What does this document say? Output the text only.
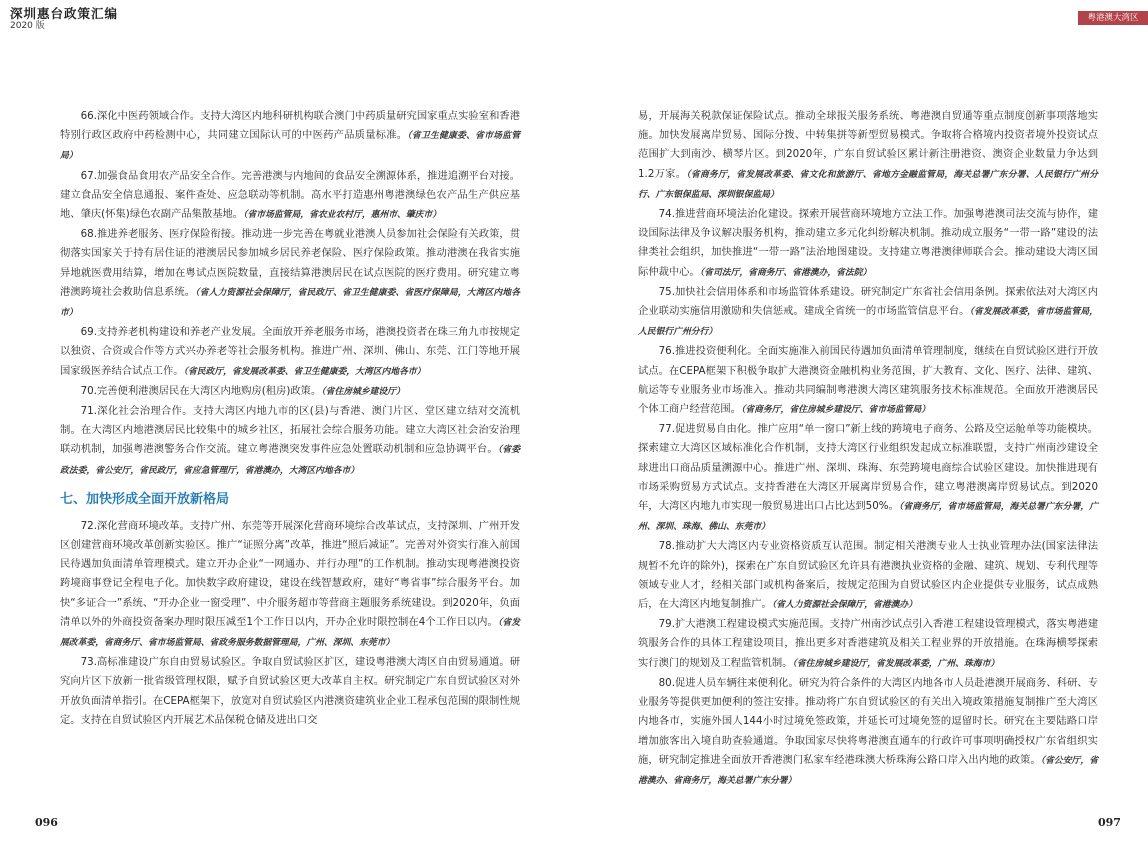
深圳惠台政策汇编
2020 版
粤港澳大湾区

66.深化中医药领域合作。支持大湾区内地科研机构联合澳门中药质量研究国家重点实验室和香港特别行政区政府中药检测中心，共同建立国际认可的中医药产品质量标准。（省卫生健康委、省市场监管局）

67.加强食品食用农产品安全合作。完善港澳与内地间的食品安全溯源体系，推进追溯平台对接。建立食品安全信息通报、案件查处、应急联动等机制。高水平打造惠州粤港澳绿色农产品生产供应基地、肇庆(怀集)绿色农副产品集散基地。（省市场监管局，省农业农村厅，惠州市、肇庆市）

68.推进养老服务、医疗保险衔接。推动进一步完善在粤就业港澳人员参加社会保险有关政策，贯彻落实国家关于持有居住证的港澳居民参加城乡居民养老保险、医疗保险政策。推动港澳在我省实施异地就医费用结算，增加在粤试点医院数量，直接结算港澳居民在试点医院的医疗费用。研究建立粤港澳跨境社会救助信息系统。（省人力资源社会保障厅，省民政厅、省卫生健康委、省医疗保障局，大湾区内地各市）

69.支持养老机构建设和养老产业发展。全面放开养老服务市场，港澳投资者在珠三角九市按规定以独资、合资或合作等方式兴办养老等社会服务机构。推进广州、深圳、佛山、东莞、江门等地开展国家级医养结合试点工作。（省民政厅，省发展改革委、省卫生健康委，大湾区内地各市）

70.完善便利港澳居民在大湾区内地购房(租房)政策。（省住房城乡建设厅）

71.深化社会治理合作。支持大湾区内地九市的区(县)与香港、澳门片区、堂区建立结对交流机制。在大湾区内地港澳居民比较集中的城乡社区，拓展社会综合服务功能。建立大湾区社会治安治理联动机制，加强粤港澳警务合作交流。建立粤港澳突发事件应急处置联动机制和应急协调平台。（省委政法委，省公安厅，省民政厅，省应急管理厅，省港澳办，大湾区内地各市）

七、加快形成全面开放新格局

72.深化营商环境改革。支持广州、东莞等开展深化营商环境综合改革试点，支持深圳、广州开发区创建营商环境改革创新实验区。推广“证照分离”改革，推进“照后减证”。完善对外资实行准入前国民待遇加负面清单管理模式。建立开办企业“一网通办、并行办理”的工作机制。推动实现粤港澳投资跨境商事登记全程电子化。加快数字政府建设，建设在线智慧政府，建好“粤省事”综合服务平台。加快“多证合一”系统、“开办企业一窗受理”、中介服务超市等营商主题服务系统建设。到2020年，负面清单以外的外商投资备案办理时限压减至1个工作日以内，开办企业时限控制在4个工作日以内。（省发展改革委，省商务厅、省市场监管局、省政务服务数据管理局，广州、深圳、东莞市）

73.高标准建设广东自由贸易试验区。争取自贸试验区扩区，建设粤港澳大湾区自由贸易通道。研究向片区下放新一批省级管理权限，赋予自贸试验区更大改革自主权。研究制定广东自贸试验区对外开放负面清单指引。在CEPA框架下，放宽对自贸试验区内港澳资建筑业企业工程承包范围的限制性规定。支持在自贸试验区内开展艺术品保税仓储及进出口交

易，开展海关税款保证保险试点。推动全球报关服务系统、粤港澳自贸通等重点制度创新事项落地实施。加快发展离岸贸易、国际分拨、中转集拼等新型贸易模式。争取将合格境内投资者境外投资试点范围扩大到南沙、横琴片区。到2020年，广东自贸试验区累计新注册港资、澳资企业数量力争达到1.2万家。（省商务厅，省发展改革委、省文化和旅游厅、省地方金融监管局，海关总署广东分署、人民银行广州分行、广东银保监局、深圳银保监局）

74.推进营商环境法治化建设。探索开展营商环境地方立法工作。加强粤港澳司法交流与协作，建设国际法律及争议解决服务机构，推动建立多元化纠纷解决机制。推动成立服务“一带一路”建设的法律类社会组织，加快推进“一带一路”法治地图建设。支持建立粤港澳律师联合会。推动建设大湾区国际仲裁中心。（省司法厅，省商务厅、省港澳办，省法院）

75.加快社会信用体系和市场监管体系建设。研究制定广东省社会信用条例。探索依法对大湾区内企业联动实施信用激励和失信惩戒。建成全省统一的市场监管信息平台。（省发展改革委，省市场监管局，人民银行广州分行）

76.推进投资便利化。全面实施准入前国民待遇加负面清单管理制度，继续在自贸试验区进行开放试点。在CEPA框架下积极争取扩大港澳资金融机构业务范围，扩大教育、文化、医疗、法律、建筑、航运等专业服务业市场准入。推动共同编制粤港澳大湾区建筑服务技术标准规范。全面放开港澳居民个体工商户经营范围。（省商务厅，省住房城乡建设厅、省市场监管局）

77.促进贸易自由化。推广应用“单一窗口”新上线的跨境电子商务、公路及空运舱单等功能模块。探索建立大湾区区域标准化合作机制，支持大湾区行业组织发起成立标准联盟，支持广州南沙建设全球进出口商品质量溯源中心。推进广州、深圳、珠海、东莞跨境电商综合试验区建设。加快推进现有市场采购贸易方式试点。支持香港在大湾区开展离岸贸易合作，建立粤港澳离岸贸易试点。到2020年，大湾区内地九市实现一般贸易进出口占比达到50%。（省商务厅，省市场监管局，海关总署广东分署，广州、深圳、珠海、佛山、东莞市）

78.推动扩大大湾区内专业资格资质互认范围。制定相关港澳专业人士执业管理办法(国家法律法规暂不允许的除外)，探索在广东自贸试验区允许具有港澳执业资格的金融、建筑、规划、专利代理等领域专业人才，经相关部门或机构备案后，按规定范围为自贸试验区内企业提供专业服务，试点成熟后，在大湾区内地复制推广。（省人力资源社会保障厅，省港澳办）

79.扩大港澳工程建设模式实施范围。支持广州南沙试点引入香港工程建设管理模式，落实粤港建筑服务合作的具体工程建设项目，推出更多对香港建筑及相关工程业界的开放措施。在珠海横琴探索实行澳门的规划及工程监管机制。（省住房城乡建设厅，省发展改革委，广州、珠海市）

80.促进人员车辆往来便利化。研究为符合条件的大湾区内地各市人员赴港澳开展商务、科研、专业服务等提供更加便利的签注安排。推动将广东自贸试验区的有关出入境政策措施复制推广至大湾区内地各市，实施外国人144小时过境免签政策，并延长可过境免签的逗留时长。研究在主要陆路口岸增加旅客出入境自助查验通道。争取国家尽快将粤港澳直通车的行政许可事项明确授权广东省组织实施，研究制定推进全面放开香港澳门私家车经港珠澳大桥珠海公路口岸入出内地的政策。（省公安厅，省港澳办、省商务厅，海关总署广东分署）

096	097
